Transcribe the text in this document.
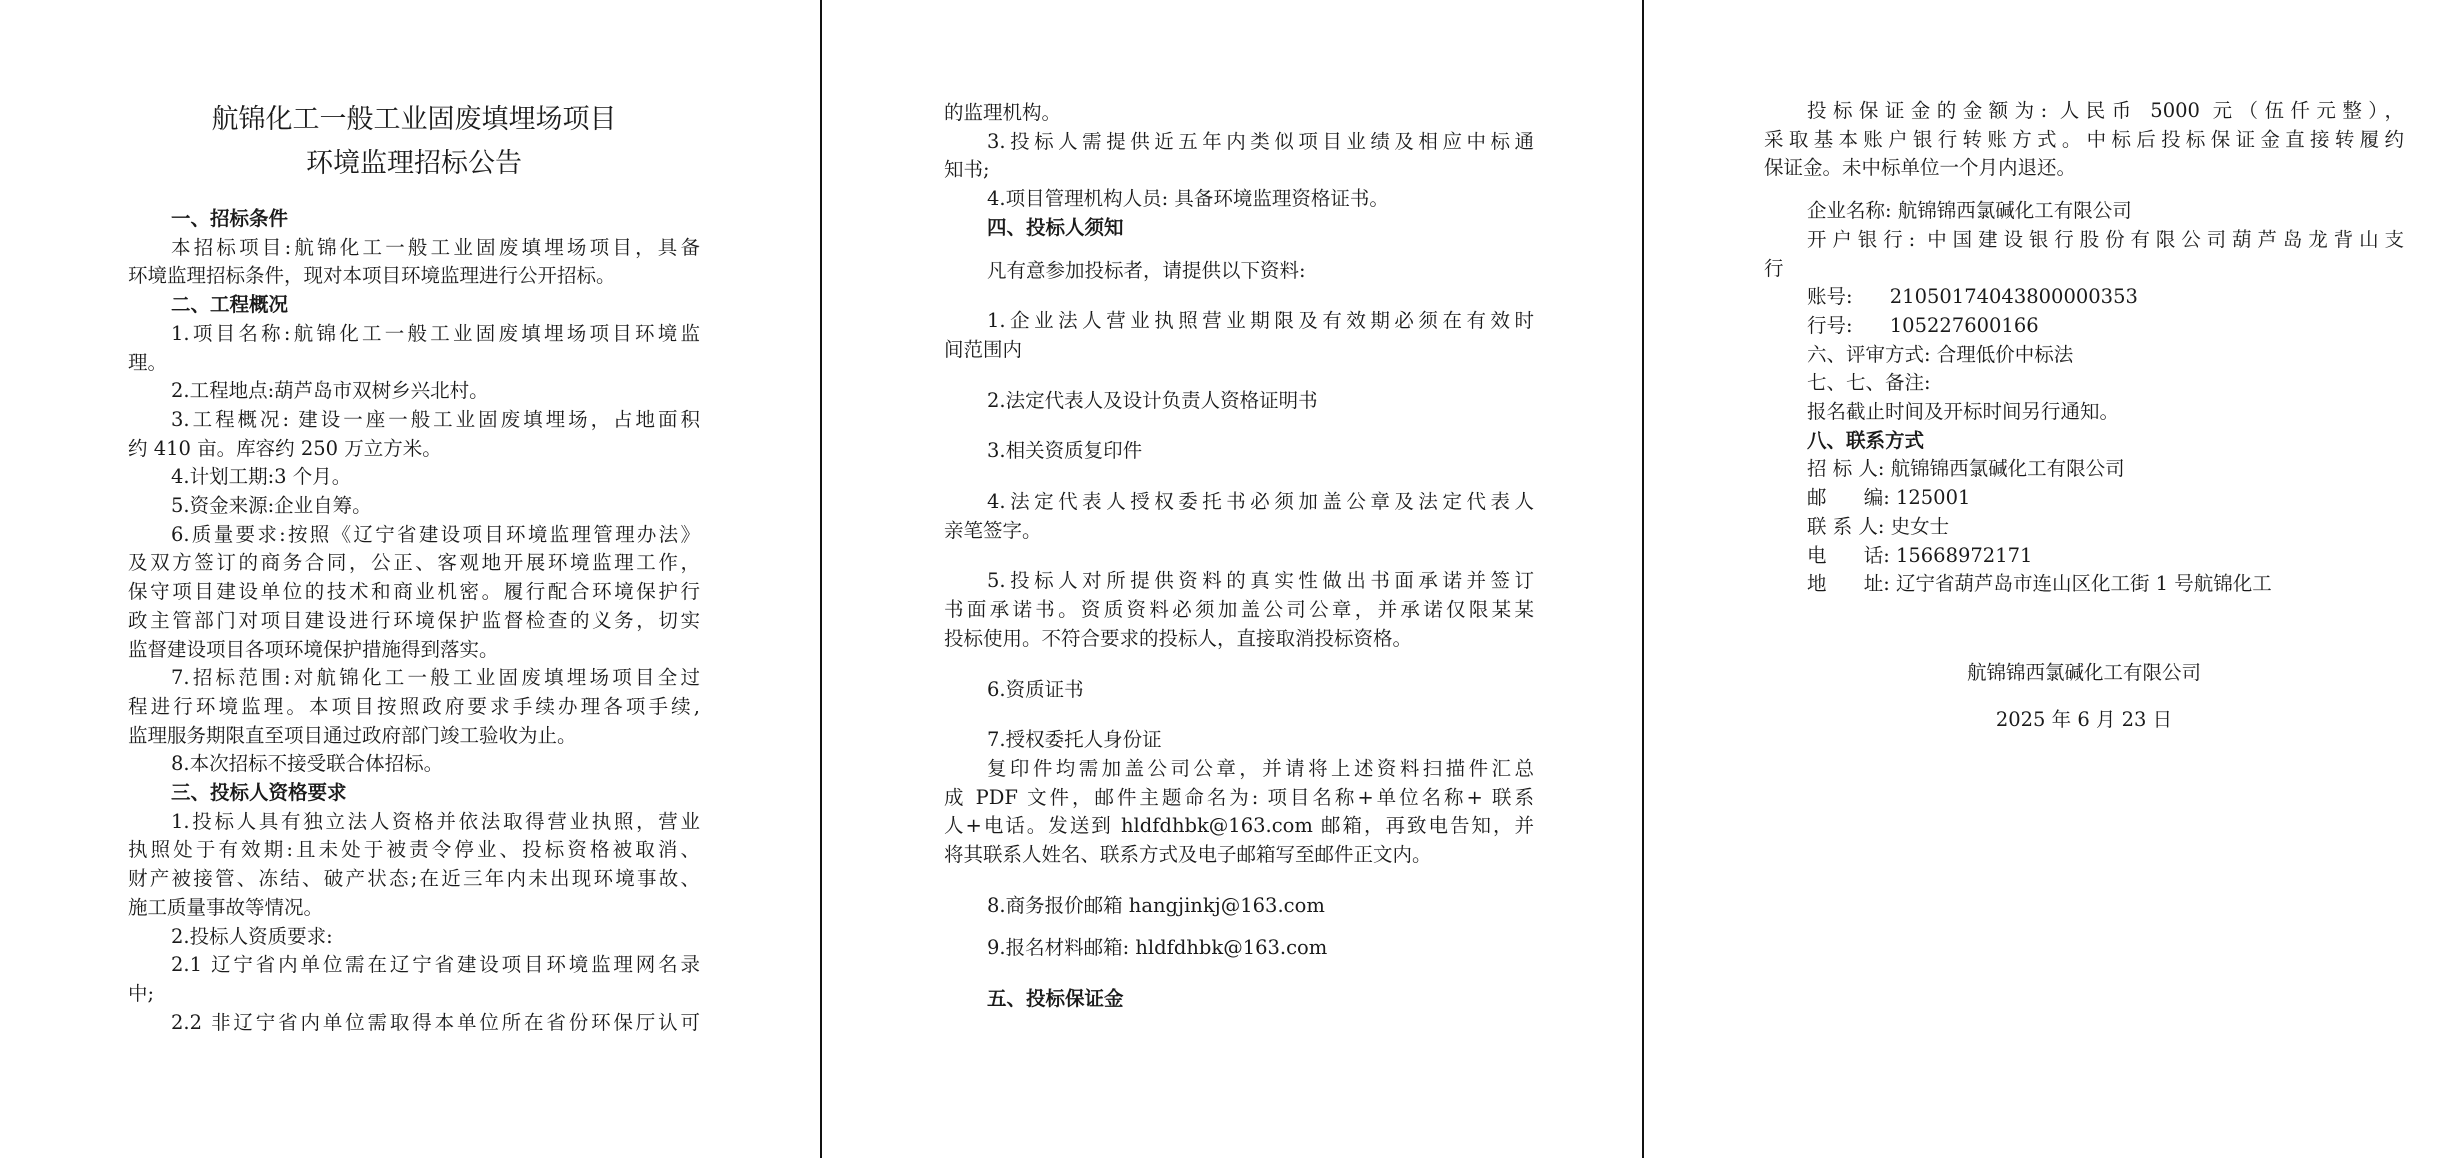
航锦化工一般工业固废填埋场项目
环境监理招标公告
一、招标条件
本招标项目:航锦化工一般工业固废填埋场项目，具备
环境监理招标条件，现对本项目环境监理进行公开招标。
二、工程概况
1.项目名称:航锦化工一般工业固废填埋场项目环境监
理。
2.工程地点:葫芦岛市双树乡兴北村。
3.工程概况: 建设一座一般工业固废填埋场，占地面积
约 410 亩。库容约 250 万立方米。
4.计划工期:3 个月。
5.资金来源:企业自筹。
6.质量要求:按照《辽宁省建设项目环境监理管理办法》
及双方签订的商务合同，公正、客观地开展环境监理工作，
保守项目建设单位的技术和商业机密。履行配合环境保护行
政主管部门对项目建设进行环境保护监督检查的义务，切实
监督建设项目各项环境保护措施得到落实。
7.招标范围:对航锦化工一般工业固废填埋场项目全过
程进行环境监理。本项目按照政府要求手续办理各项手续,
监理服务期限直至项目通过政府部门竣工验收为止。
8.本次招标不接受联合体招标。
三、投标人资格要求
1.投标人具有独立法人资格并依法取得营业执照，营业
执照处于有效期:且未处于被责令停业、投标资格被取消、
财产被接管、冻结、破产状态;在近三年内未出现环境事故、
施工质量事故等情况。
2.投标人资质要求:
2.1 辽宁省内单位需在辽宁省建设项目环境监理网名录
中;
2.2 非辽宁省内单位需取得本单位所在省份环保厅认可
的监理机构。
3.投标人需提供近五年内类似项目业绩及相应中标通
知书;
4.项目管理机构人员: 具备环境监理资格证书。
四、投标人须知
凡有意参加投标者，请提供以下资料:
1.企业法人营业执照营业期限及有效期必须在有效时
间范围内
2.法定代表人及设计负责人资格证明书
3.相关资质复印件
4.法定代表人授权委托书必须加盖公章及法定代表人
亲笔签字。
5.投标人对所提供资料的真实性做出书面承诺并签订
书面承诺书。资质资料必须加盖公司公章，并承诺仅限某某
投标使用。不符合要求的投标人，直接取消投标资格。
6.资质证书
7.授权委托人身份证
复印件均需加盖公司公章，并请将上述资料扫描件汇总
成 PDF 文件，邮件主题命名为: 项目名称+单位名称+ 联系
人+电话。发送到 hldfdhbk@163.com 邮箱，再致电告知，并
将其联系人姓名、联系方式及电子邮箱写至邮件正文内。
8.商务报价邮箱 hangjinkj@163.com
9.报名材料邮箱: hldfdhbk@163.com
五、投标保证金
投标保证金的金额为: 人民币 5000 元（伍仟元整），
采取基本账户银行转账方式。中标后投标保证金直接转履约
保证金。未中标单位一个月内退还。
企业名称: 航锦锦西氯碱化工有限公司
开户银行: 中国建设银行股份有限公司葫芦岛龙背山支
行
账号:      21050174043800000353
行号:      105227600166
六、评审方式: 合理低价中标法
七、七、备注:
报名截止时间及开标时间另行通知。
八、联系方式
招 标 人: 航锦锦西氯碱化工有限公司
邮      编: 125001
联 系 人: 史女士
电      话: 15668972171
地      址: 辽宁省葫芦岛市连山区化工街 1 号航锦化工
航锦锦西氯碱化工有限公司
2025 年 6 月 23 日
